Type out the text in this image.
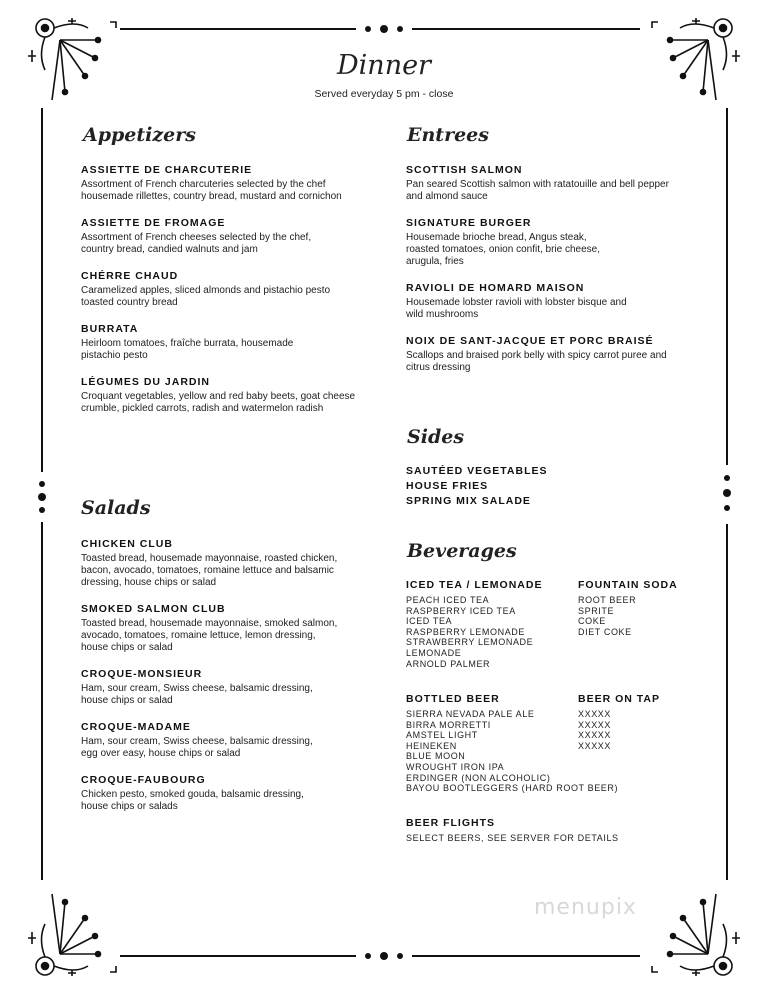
Dinner
Served everyday 5 pm - close
Appetizers
ASSIETTE DE CHARCUTERIE
Assortment of French charcuteries selected by the chef
housemade rillettes, country bread, mustard and cornichon
ASSIETTE DE FROMAGE
Assortment of French cheeses selected by the chef,
country bread, candied walnuts and jam
CHÉRRE CHAUD
Caramelized apples, sliced almonds and pistachio pesto
toasted country bread
BURRATA
Heirloom tomatoes, fraîche burrata, housemade
pistachio pesto
LÉGUMES DU JARDIN
Croquant vegetables, yellow and red baby beets, goat cheese
crumble, pickled carrots, radish and watermelon radish
Salads
CHICKEN CLUB
Toasted bread, housemade mayonnaise, roasted chicken,
bacon, avocado, tomatoes, romaine lettuce and balsamic
dressing, house chips or salad
SMOKED SALMON CLUB
Toasted bread, housemade mayonnaise, smoked salmon,
avocado, tomatoes, romaine lettuce, lemon dressing,
house chips or salad
CROQUE-MONSIEUR
Ham, sour cream, Swiss cheese, balsamic dressing,
house chips or salad
CROQUE-MADAME
Ham, sour cream, Swiss cheese, balsamic dressing,
egg over easy, house chips or salad
CROQUE-FAUBOURG
Chicken pesto, smoked gouda, balsamic dressing,
house chips or salads
Entrees
SCOTTISH SALMON
Pan seared Scottish salmon with ratatouille and bell pepper
and almond sauce
SIGNATURE BURGER
Housemade brioche bread, Angus steak,
roasted tomatoes, onion confit, brie cheese,
arugula, fries
RAVIOLI DE HOMARD MAISON
Housemade lobster ravioli with lobster bisque and
wild mushrooms
NOIX DE SANT-JACQUE ET PORC BRAISÉ
Scallops and braised pork belly with spicy carrot puree and
citrus dressing
Sides
SAUTÉED VEGETABLES
HOUSE FRIES
SPRING MIX SALADE
Beverages
ICED TEA / LEMONADE
PEACH ICED TEA
RASPBERRY ICED TEA
ICED TEA
RASPBERRY LEMONADE
STRAWBERRY LEMONADE
LEMONADE
ARNOLD PALMER
FOUNTAIN SODA
ROOT BEER
SPRITE
COKE
DIET COKE
BOTTLED BEER
SIERRA NEVADA PALE ALE
BIRRA MORRETTI
AMSTEL LIGHT
HEINEKEN
BLUE MOON
WROUGHT IRON IPA
ERDINGER (NON ALCOHOLIC)
BAYOU BOOTLEGGERS (HARD ROOT BEER)
BEER ON TAP
XXXXX
XXXXX
XXXXX
XXXXX
BEER FLIGHTS
SELECT BEERS, SEE SERVER FOR DETAILS
menupix
